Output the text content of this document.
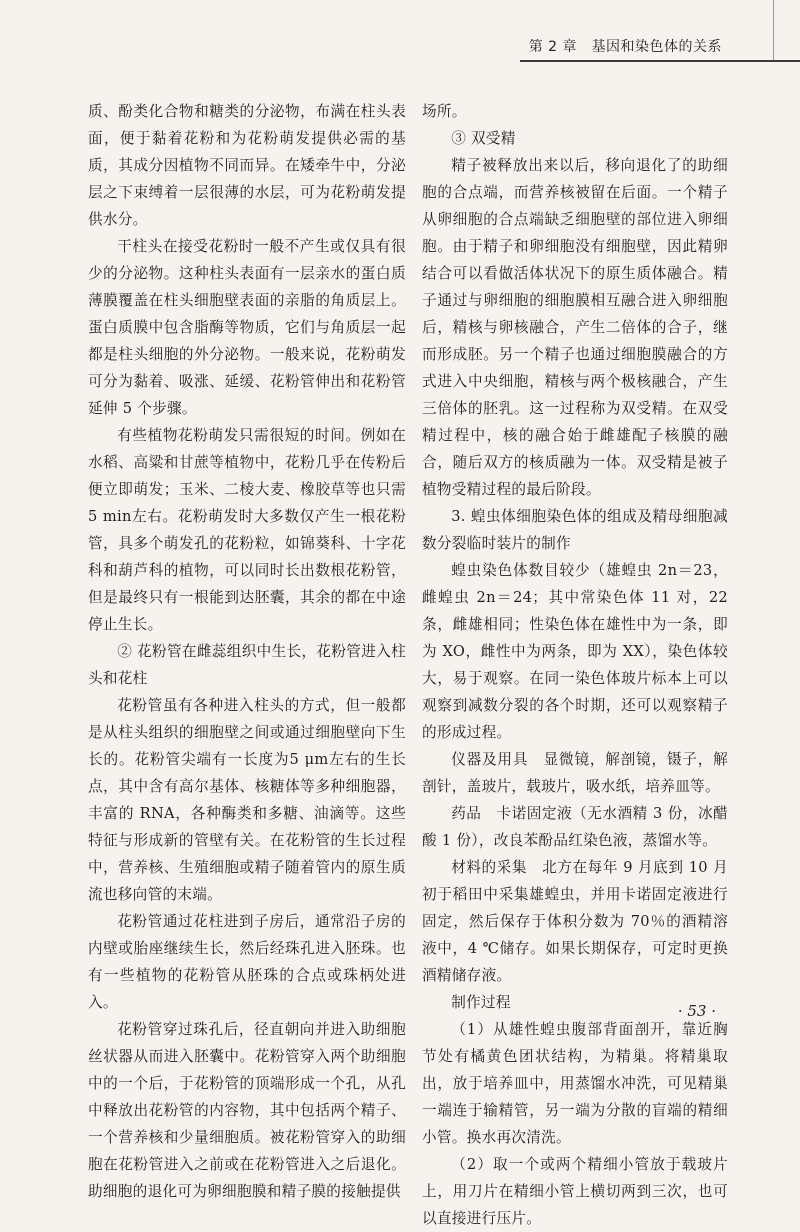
第 2 章　基因和染色体的关系

质、酚类化合物和糖类的分泌物，布满在柱头表面，便于黏着花粉和为花粉萌发提供必需的基质，其成分因植物不同而异。在矮牵牛中，分泌层之下束缚着一层很薄的水层，可为花粉萌发提供水分。

干柱头在接受花粉时一般不产生或仅具有很少的分泌物。这种柱头表面有一层亲水的蛋白质薄膜覆盖在柱头细胞壁表面的亲脂的角质层上。蛋白质膜中包含脂酶等物质，它们与角质层一起都是柱头细胞的外分泌物。一般来说，花粉萌发可分为黏着、吸涨、延缓、花粉管伸出和花粉管延伸 5 个步骤。

有些植物花粉萌发只需很短的时间。例如在水稻、高粱和甘蔗等植物中，花粉几乎在传粉后便立即萌发；玉米、二棱大麦、橡胶草等也只需 5 min左右。花粉萌发时大多数仅产生一根花粉管，具多个萌发孔的花粉粒，如锦葵科、十字花科和葫芦科的植物，可以同时长出数根花粉管，但是最终只有一根能到达胚囊，其余的都在中途停止生长。

② 花粉管在雌蕊组织中生长，花粉管进入柱头和花柱

花粉管虽有各种进入柱头的方式，但一般都是从柱头组织的细胞壁之间或通过细胞壁向下生长的。花粉管尖端有一长度为5 μm左右的生长点，其中含有高尔基体、核糖体等多种细胞器，丰富的 RNA，各种酶类和多糖、油滴等。这些特征与形成新的管壁有关。在花粉管的生长过程中，营养核、生殖细胞或精子随着管内的原生质流也移向管的末端。

花粉管通过花柱进到子房后，通常沿子房的内壁或胎座继续生长，然后经珠孔进入胚珠。也有一些植物的花粉管从胚珠的合点或珠柄处进入。

花粉管穿过珠孔后，径直朝向并进入助细胞丝状器从而进入胚囊中。花粉管穿入两个助细胞中的一个后，于花粉管的顶端形成一个孔，从孔中释放出花粉管的内容物，其中包括两个精子、一个营养核和少量细胞质。被花粉管穿入的助细胞在花粉管进入之前或在花粉管进入之后退化。助细胞的退化可为卵细胞膜和精子膜的接触提供

场所。

③ 双受精

精子被释放出来以后，移向退化了的助细胞的合点端，而营养核被留在后面。一个精子从卵细胞的合点端缺乏细胞壁的部位进入卵细胞。由于精子和卵细胞没有细胞壁，因此精卵结合可以看做活体状况下的原生质体融合。精子通过与卵细胞的细胞膜相互融合进入卵细胞后，精核与卵核融合，产生二倍体的合子，继而形成胚。另一个精子也通过细胞膜融合的方式进入中央细胞，精核与两个极核融合，产生三倍体的胚乳。这一过程称为双受精。在双受精过程中，核的融合始于雌雄配子核膜的融合，随后双方的核质融为一体。双受精是被子植物受精过程的最后阶段。

3. 蝗虫体细胞染色体的组成及精母细胞减数分裂临时装片的制作

蝗虫染色体数目较少（雄蝗虫 2n＝23，雌蝗虫 2n＝24；其中常染色体 11 对，22 条，雌雄相同；性染色体在雄性中为一条，即为 XO，雌性中为两条，即为 XX），染色体较大，易于观察。在同一染色体玻片标本上可以观察到减数分裂的各个时期，还可以观察精子的形成过程。

仪器及用具　显微镜，解剖镜，镊子，解剖针，盖玻片，载玻片，吸水纸，培养皿等。

药品　卡诺固定液（无水酒精 3 份，冰醋酸 1 份），改良苯酚品红染色液，蒸馏水等。

材料的采集　北方在每年 9 月底到 10 月初于稻田中采集雄蝗虫，并用卡诺固定液进行固定，然后保存于体积分数为 70％的酒精溶液中，4 ℃储存。如果长期保存，可定时更换酒精储存液。

制作过程

（1）从雄性蝗虫腹部背面剖开，靠近胸节处有橘黄色团状结构，为精巢。将精巢取出，放于培养皿中，用蒸馏水冲洗，可见精巢一端连于输精管，另一端为分散的盲端的精细小管。换水再次清洗。

（2）取一个或两个精细小管放于载玻片上，用刀片在精细小管上横切两到三次，也可以直接进行压片。

· 53 ·
